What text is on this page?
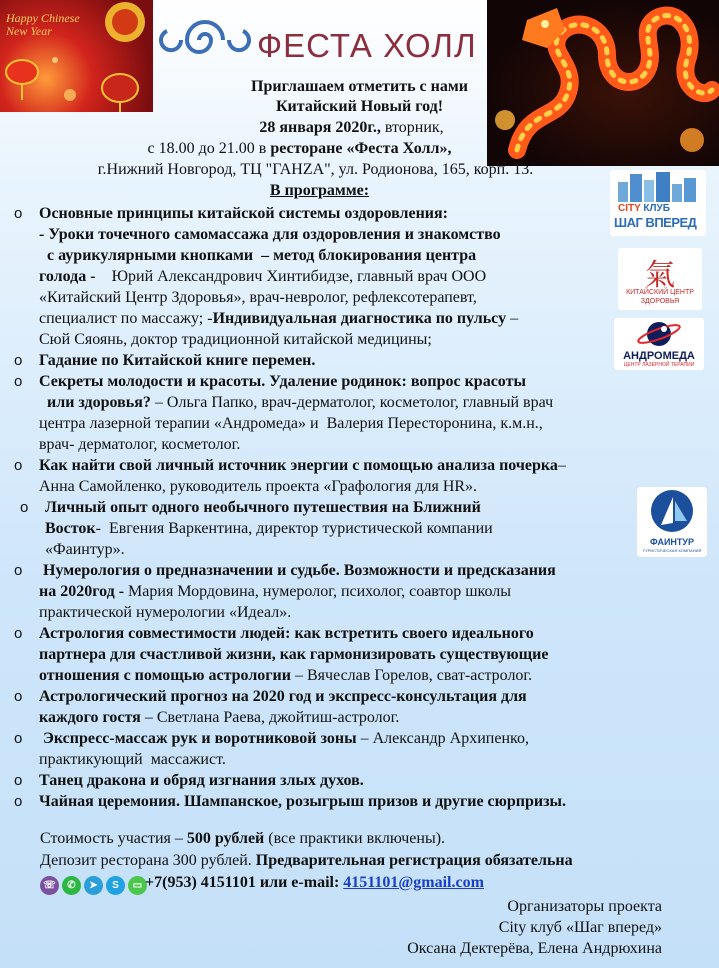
Happy Chinese New Year	ФЕСТА ХОЛЛ
Приглашаем отметить с нами
Китайский Новый год!
28 января 2020г., вторник,
с 18.00 до 21.00 в ресторане «Феста Холл»,
г.Нижний Новгород, ТЦ "ГАНZА", ул. Родионова, 165, корп. 13.
В программе:
o Основные принципы китайской системы оздоровления:
- Уроки точечного самомассажа для оздоровления и знакомство
с аурикулярными кнопками  – метод блокирования центра
голода -    Юрий Александрович Хинтибидзе, главный врач ООО
«Китайский Центр Здоровья», врач-невролог, рефлексотерапевт,
специалист по массажу; -Индивидуальная диагностика по пульсу –
Сюй Сяоянь, доктор традиционной китайской медицины;
o Гадание по Китайской книге перемен.
o Секреты молодости и красоты. Удаление родинок: вопрос красоты
или здоровья? – Ольга Папко, врач-дерматолог, косметолог, главный врач
центра лазерной терапии «Андромеда» и  Валерия Пересторонина, к.м.н.,
врач- дерматолог, косметолог.
o Как найти свой личный источник энергии с помощью анализа почерка–
Анна Самойленко, руководитель проекта «Графология для HR».
o Личный опыт одного необычного путешествия на Ближний
Восток-  Евгения Варкентина, директор туристической компании
«Фаинтур».
o Нумерология о предназначении и судьбе. Возможности и предсказания
на 2020год - Мария Мордовина, нумеролог, психолог, соавтор школы
практической нумерологии «Идеал».
o Астрология совместимости людей: как встретить своего идеального
партнера для счастливой жизни, как гармонизировать существующие
отношения с помощью астрологии – Вячеслав Горелов, сват-астролог.
o Астрологический прогноз на 2020 год и экспресс-консультация для
каждого гостя – Светлана Раева, джойтиш-астролог.
o Экспресс-массаж рук и воротниковой зоны – Александр Архипенко,
практикующий  массажист.
o Танец дракона и обряд изгнания злых духов.
o Чайная церемония. Шампанское, розыгрыш призов и другие сюрпризы.
Стоимость участия – 500 рублей (все практики включены).
Депозит ресторана 300 рублей. Предварительная регистрация обязательна
☏	✆	➤	S	▭ +7(953) 4151101 или e-mail: 4151101@gmail.com
Организаторы проекта
City клуб «Шаг вперед»
Оксана Дектерёва, Елена Андрюхина
CITY КЛУБ
ШАГ ВПЕРЕД
氣
КИТАЙСКИЙ ЦЕНТР ЗДОРОВЬЯ
АНДРОМЕДА
ЦЕНТР ЛАЗЕРНОЙ ТЕРАПИИ
ФАИНТУР
ТУРИСТИЧЕСКАЯ КОМПАНИЯ
